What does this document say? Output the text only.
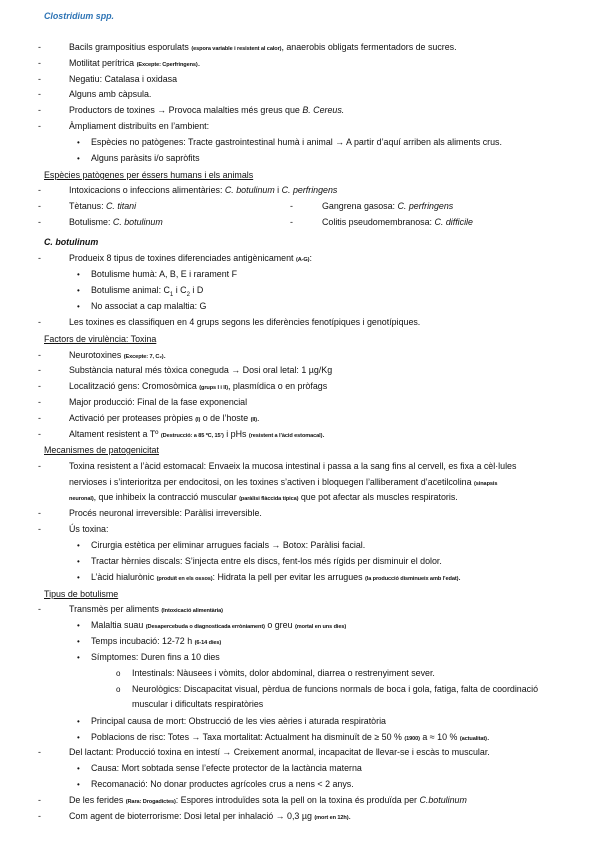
Clostridium spp.
-	Bacils grampositius esporulats (espora variable i resistent al calor), anaerobis obligats fermentadors de sucres.
-	Motilitat perítrica (Excepte: Cperfringens).
-	Negatiu: Catalasa i oxidasa
-	Alguns amb càpsula.
-	Productors de toxines → Provoca malalties més greus que B. Cereus.
-	Àmpliament distribuïts en l’ambient:
•	Espècies no patògenes: Tracte gastrointestinal humà i animal → A partir d’aquí arriben als aliments crus.
•	Alguns paràsits i/o sapròfits
Espècies patògenes per éssers humans i els animals
-	Intoxicacions o infeccions alimentàries: C. botulinum i C. perfringens
-	Tètanus: C. titani	-	Gangrena gasosa: C. perfringens
-	Botulisme: C. botulinum	-	Colitis pseudomembranosa: C. difficile
C. botulinum
-	Produeix 8 tipus de toxines diferenciades antigènicament (A-G):
•	Botulisme humà: A, B, E i rarament F
•	Botulisme animal: $C_1$ i $C_2$ i D
•	No associat a cap malaltia: G
-	Les toxines es classifiquen en 4 grups segons les diferències fenotípiques i genotípiques.
Factors de virulència: Toxina
-	Neurotoxines (Excepte: 7, C₂).
-	Substància natural més tòxica coneguda → Dosi oral letal: 1 µg/Kg
-	Localització gens: Cromosòmica (grups I i II), plasmídica o en pròfags
-	Major producció: Final de la fase exponencial
-	Activació per proteases pròpies (I) o de l’hoste (II).
-	Altament resistent a Tº (Destrucció: a 85 ºC, 15’) i pHs (resistent a l’àcid estomacal).
Mecanismes de patogenicitat
-	Toxina resistent a l’àcid estomacal: Envaeix la mucosa intestinal i passa a la sang fins al cervell, es fixa a cèl·lules
nervioses i s’interioritza per endocitosi, on les toxines s’activen i bloquegen l’alliberament d’acetilcolina (sinapsis
neuronal), que inhibeix la contracció muscular (paràlisi flàccida típica) que pot afectar als muscles respiratoris.
-	Procés neuronal irreversible: Paràlisi irreversible.
-	Ús toxina:
•	Cirurgia estètica per eliminar arrugues facials → Botox: Paràlisi facial.
•	Tractar hèrnies discals: S’injecta entre els discs, fent-los més rígids per disminuir el dolor.
•	L’àcid hialurònic (produït en els ossos): Hidrata la pell per evitar les arrugues (la producció disminueix amb l’edat).
Tipus de botulisme
-	Transmès per aliments (Intoxicació alimentària)
•	Malaltia suau (Desapercebuda o diagnosticada erròniament) o greu (mortal en uns dies)
•	Temps incubació: 12-72 h (6-14 dies)
•	Símptomes: Duren fins a 10 dies
o	Intestinals: Nàusees i vòmits, dolor abdominal, diarrea o restrenyiment sever.
o	Neurològics: Discapacitat visual, pèrdua de funcions normals de boca i gola, fatiga, falta de coordinació
muscular i dificultats respiratòries
•	Principal causa de mort: Obstrucció de les vies aèries i aturada respiratòria
•	Poblacions de risc: Totes → Taxa mortalitat: Actualment ha disminuït de ≥ 50 % (1900) a ≈ 10 % (actualitat).
-	Del lactant: Producció toxina en intestí → Creixement anormal, incapacitat de llevar-se i escàs to muscular.
•	Causa: Mort sobtada sense l’efecte protector de la lactància materna
•	Recomanació: No donar productes agrícoles crus a nens < 2 anys.
-	De les ferides (Rara: Drogadictes): Espores introduïdes sota la pell on la toxina és produïda per C.botulinum
-	Com agent de bioterrorisme: Dosi letal per inhalació → 0,3 µg (mort en 12h).
